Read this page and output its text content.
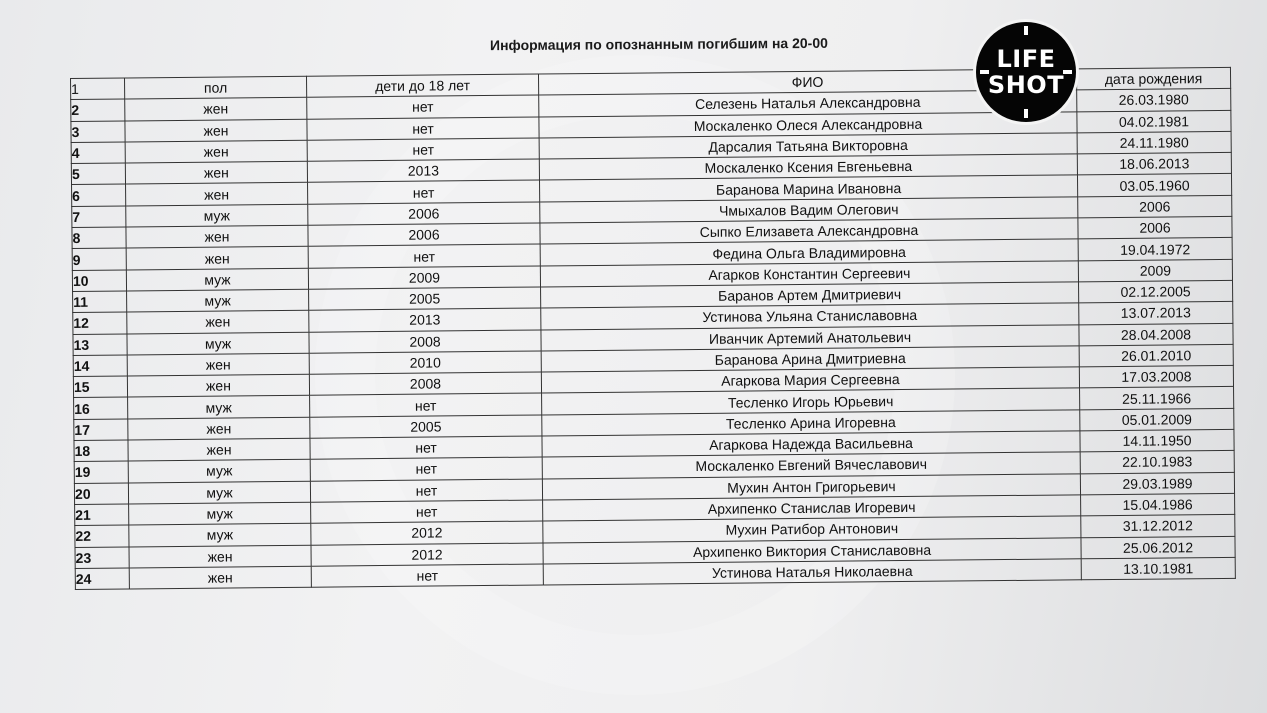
Информация по опознанным погибшим на 20-00
1	пол	дети до 18 лет	ФИО	дата рождения
2	жен	нет	Селезень Наталья Александровна	26.03.1980
3	жен	нет	Москаленко Олеся Александровна	04.02.1981
4	жен	нет	Дарсалия Татьяна Викторовна	24.11.1980
5	жен	2013	Москаленко Ксения Евгеньевна	18.06.2013
6	жен	нет	Баранова Марина Ивановна	03.05.1960
7	муж	2006	Чмыхалов Вадим Олегович	2006
8	жен	2006	Сыпко Елизавета Александровна	2006
9	жен	нет	Федина Ольга Владимировна	19.04.1972
10	муж	2009	Агарков Константин Сергеевич	2009
11	муж	2005	Баранов Артем Дмитриевич	02.12.2005
12	жен	2013	Устинова Ульяна Станиславовна	13.07.2013
13	муж	2008	Иванчик Артемий Анатольевич	28.04.2008
14	жен	2010	Баранова Арина Дмитриевна	26.01.2010
15	жен	2008	Агаркова Мария Сергеевна	17.03.2008
16	муж	нет	Тесленко Игорь Юрьевич	25.11.1966
17	жен	2005	Тесленко Арина Игоревна	05.01.2009
18	жен	нет	Агаркова Надежда Васильевна	14.11.1950
19	муж	нет	Москаленко Евгений Вячеславович	22.10.1983
20	муж	нет	Мухин Антон Григорьевич	29.03.1989
21	муж	нет	Архипенко Станислав Игоревич	15.04.1986
22	муж	2012	Мухин Ратибор Антонович	31.12.2012
23	жен	2012	Архипенко Виктория Станиславовна	25.06.2012
24	жен	нет	Устинова Наталья Николаевна	13.10.1981
LIFE
SHOT
